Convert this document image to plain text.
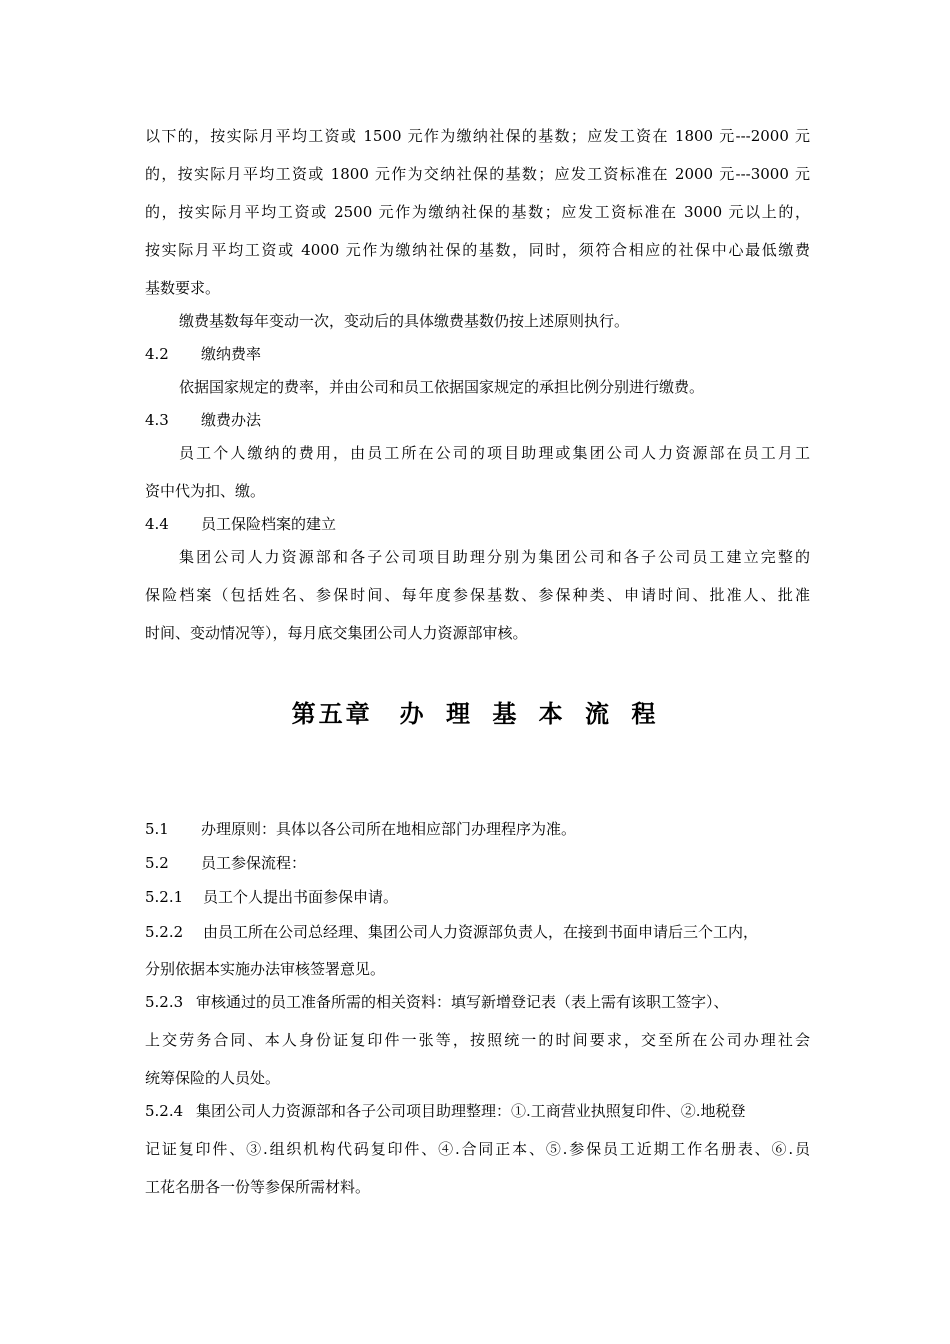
以下的，按实际月平均工资或 1500 元作为缴纳社保的基数；应发工资在 1800 元---2000 元
的，按实际月平均工资或 1800 元作为交纳社保的基数；应发工资标准在 2000 元---3000 元
的，按实际月平均工资或 2500 元作为缴纳社保的基数；应发工资标准在 3000 元以上的，
按实际月平均工资或 4000 元作为缴纳社保的基数，同时，须符合相应的社保中心最低缴费
基数要求。
缴费基数每年变动一次，变动后的具体缴费基数仍按上述原则执行。
4.2 缴纳费率
依据国家规定的费率，并由公司和员工依据国家规定的承担比例分别进行缴费。
4.3 缴费办法
员工个人缴纳的费用，由员工所在公司的项目助理或集团公司人力资源部在员工月工
资中代为扣、缴。
4.4 员工保险档案的建立
集团公司人力资源部和各子公司项目助理分别为集团公司和各子公司员工建立完整的
保险档案（包括姓名、参保时间、每年度参保基数、参保种类、申请时间、批准人、批准
时间、变动情况等），每月底交集团公司人力资源部审核。
第五章　办 理 基 本 流 程
5.1 办理原则：具体以各公司所在地相应部门办理程序为准。
5.2 员工参保流程：
5.2.1 员工个人提出书面参保申请。
5.2.2 由员工所在公司总经理、集团公司人力资源部负责人，在接到书面申请后三个工内，
分别依据本实施办法审核签署意见。
5.2.3 审核通过的员工准备所需的相关资料：填写新增登记表（表上需有该职工签字）、
上交劳务合同、本人身份证复印件一张等，按照统一的时间要求，交至所在公司办理社会
统筹保险的人员处。
5.2.4 集团公司人力资源部和各子公司项目助理整理：①.工商营业执照复印件、②.地税登
记证复印件、③.组织机构代码复印件、④.合同正本、⑤.参保员工近期工作名册表、⑥.员
工花名册各一份等参保所需材料。
